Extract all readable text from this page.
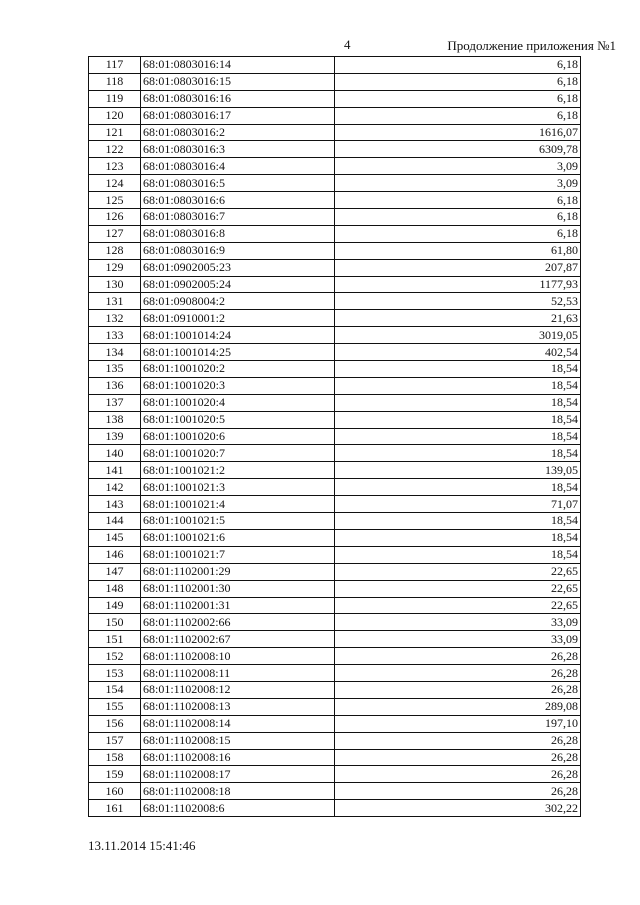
4	Продолжение приложения №1
117	68:01:0803016:14	6,18
118	68:01:0803016:15	6,18
119	68:01:0803016:16	6,18
120	68:01:0803016:17	6,18
121	68:01:0803016:2	1616,07
122	68:01:0803016:3	6309,78
123	68:01:0803016:4	3,09
124	68:01:0803016:5	3,09
125	68:01:0803016:6	6,18
126	68:01:0803016:7	6,18
127	68:01:0803016:8	6,18
128	68:01:0803016:9	61,80
129	68:01:0902005:23	207,87
130	68:01:0902005:24	1177,93
131	68:01:0908004:2	52,53
132	68:01:0910001:2	21,63
133	68:01:1001014:24	3019,05
134	68:01:1001014:25	402,54
135	68:01:1001020:2	18,54
136	68:01:1001020:3	18,54
137	68:01:1001020:4	18,54
138	68:01:1001020:5	18,54
139	68:01:1001020:6	18,54
140	68:01:1001020:7	18,54
141	68:01:1001021:2	139,05
142	68:01:1001021:3	18,54
143	68:01:1001021:4	71,07
144	68:01:1001021:5	18,54
145	68:01:1001021:6	18,54
146	68:01:1001021:7	18,54
147	68:01:1102001:29	22,65
148	68:01:1102001:30	22,65
149	68:01:1102001:31	22,65
150	68:01:1102002:66	33,09
151	68:01:1102002:67	33,09
152	68:01:1102008:10	26,28
153	68:01:1102008:11	26,28
154	68:01:1102008:12	26,28
155	68:01:1102008:13	289,08
156	68:01:1102008:14	197,10
157	68:01:1102008:15	26,28
158	68:01:1102008:16	26,28
159	68:01:1102008:17	26,28
160	68:01:1102008:18	26,28
161	68:01:1102008:6	302,22
13.11.2014 15:41:46
